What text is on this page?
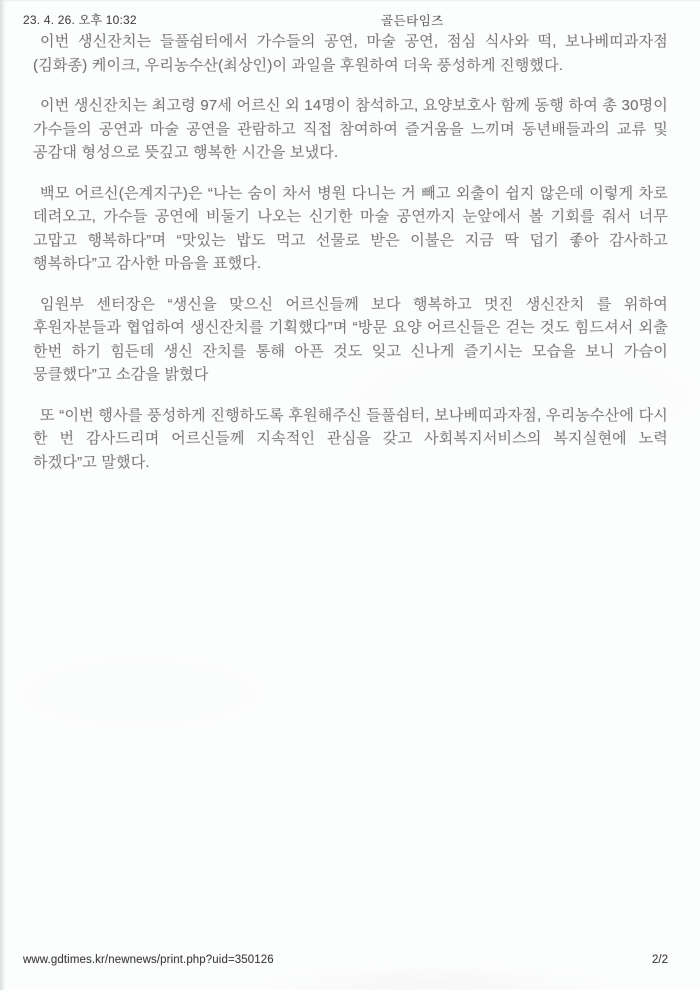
23. 4. 26. 오후 10:32	골든타임즈

이번 생신잔치는 들풀쉼터에서 가수들의 공연, 마술 공연, 점심 식사와 떡, 보나베띠과자점(김화종) 케이크, 우리농수산(최상인)이 과일을 후원하여 더욱 풍성하게 진행했다.

이번 생신잔치는 최고령 97세 어르신 외 14명이 참석하고, 요양보호사 함께 동행 하여 총 30명이 가수들의 공연과 마술 공연을 관람하고 직접 참여하여 즐거움을 느끼며 동년배들과의 교류 및 공감대 형성으로 뜻깊고 행복한 시간을 보냈다.

백모 어르신(은계지구)은 “나는 숨이 차서 병원 다니는 거 빼고 외출이 쉽지 않은데 이렇게 차로 데려오고, 가수들 공연에 비둘기 나오는 신기한 마술 공연까지 눈앞에서 볼 기회를 줘서 너무 고맙고 행복하다”며 “맛있는 밥도 먹고 선물로 받은 이불은 지금 딱 덥기 좋아 감사하고 행복하다”고 감사한 마음을 표했다.

임원부 센터장은 “생신을 맞으신 어르신들께 보다 행복하고 멋진 생신잔치 를 위하여 후원자분들과 협업하여 생신잔치를 기획했다”며 “방문 요양 어르신들은 걷는 것도 힘드셔서 외출 한번 하기 힘든데 생신 잔치를 통해 아픈 것도 잊고 신나게 즐기시는 모습을 보니 가슴이 뭉클했다”고 소감을 밝혔다

또 “이번 행사를 풍성하게 진행하도록 후원해주신 들풀쉼터, 보나베띠과자점, 우리농수산에 다시 한 번 감사드리며 어르신들께 지속적인 관심을 갖고 사회복지서비스의 복지실현에 노력 하겠다”고 말했다.

www.gdtimes.kr/newnews/print.php?uid=350126	2/2
